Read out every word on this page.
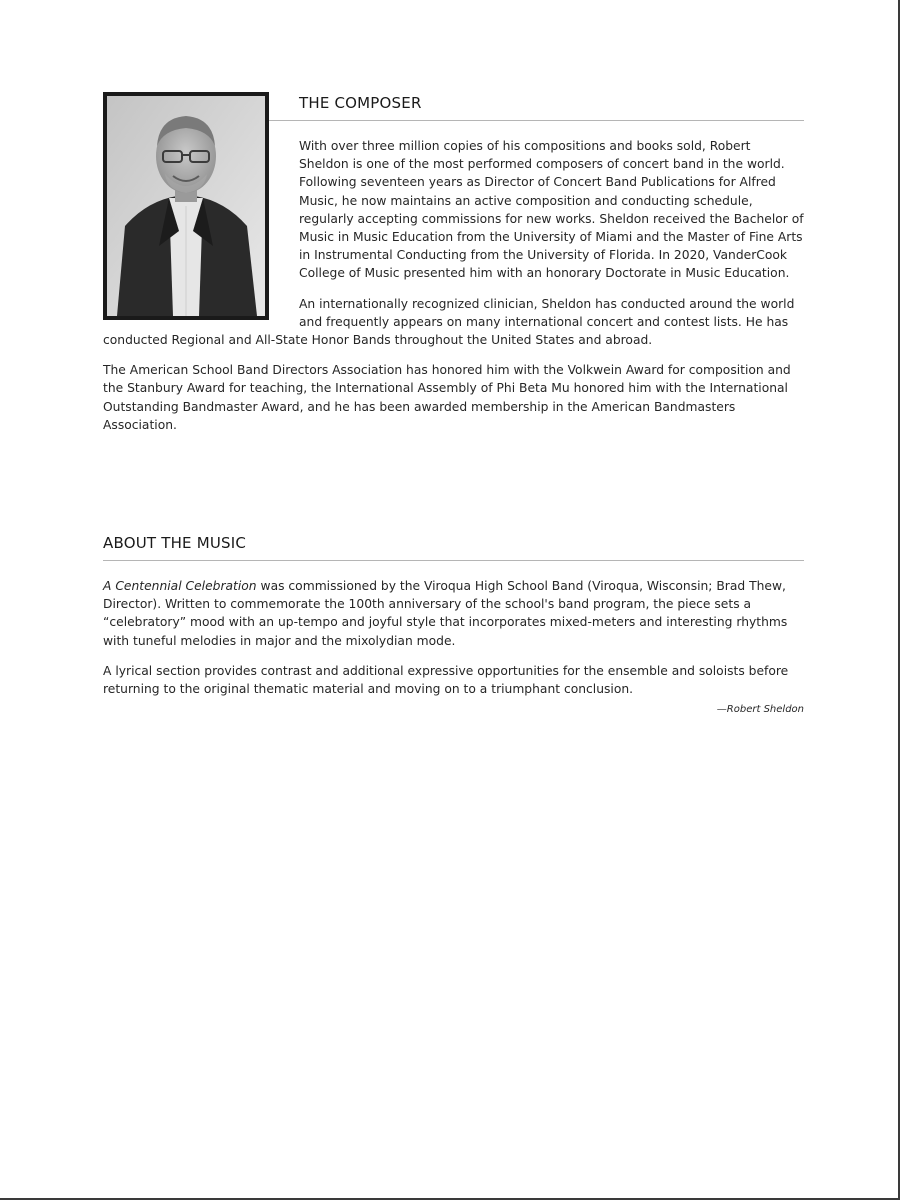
THE COMPOSER

With over three million copies of his compositions and books sold, Robert Sheldon is one of the most performed composers of concert band in the world. Following seventeen years as Director of Concert Band Publications for Alfred Music, he now maintains an active composition and conducting schedule, regularly accepting commissions for new works. Sheldon received the Bachelor of Music in Music Education from the University of Miami and the Master of Fine Arts in Instrumental Conducting from the University of Florida. In 2020, VanderCook College of Music presented him with an honorary Doctorate in Music Education.

An internationally recognized clinician, Sheldon has conducted around the world and frequently appears on many international concert and contest lists. He has conducted Regional and All-State Honor Bands throughout the United States and abroad.

The American School Band Directors Association has honored him with the Volkwein Award for composition and the Stanbury Award for teaching, the International Assembly of Phi Beta Mu honored him with the International Outstanding Bandmaster Award, and he has been awarded membership in the American Bandmasters Association.

ABOUT THE MUSIC

A Centennial Celebration was commissioned by the Viroqua High School Band (Viroqua, Wisconsin; Brad Thew, Director). Written to commemorate the 100th anniversary of the school's band program, the piece sets a “celebratory” mood with an up-tempo and joyful style that incorporates mixed-meters and interesting rhythms with tuneful melodies in major and the mixolydian mode.

A lyrical section provides contrast and additional expressive opportunities for the ensemble and soloists before returning to the original thematic material and moving on to a triumphant conclusion.

—Robert Sheldon
